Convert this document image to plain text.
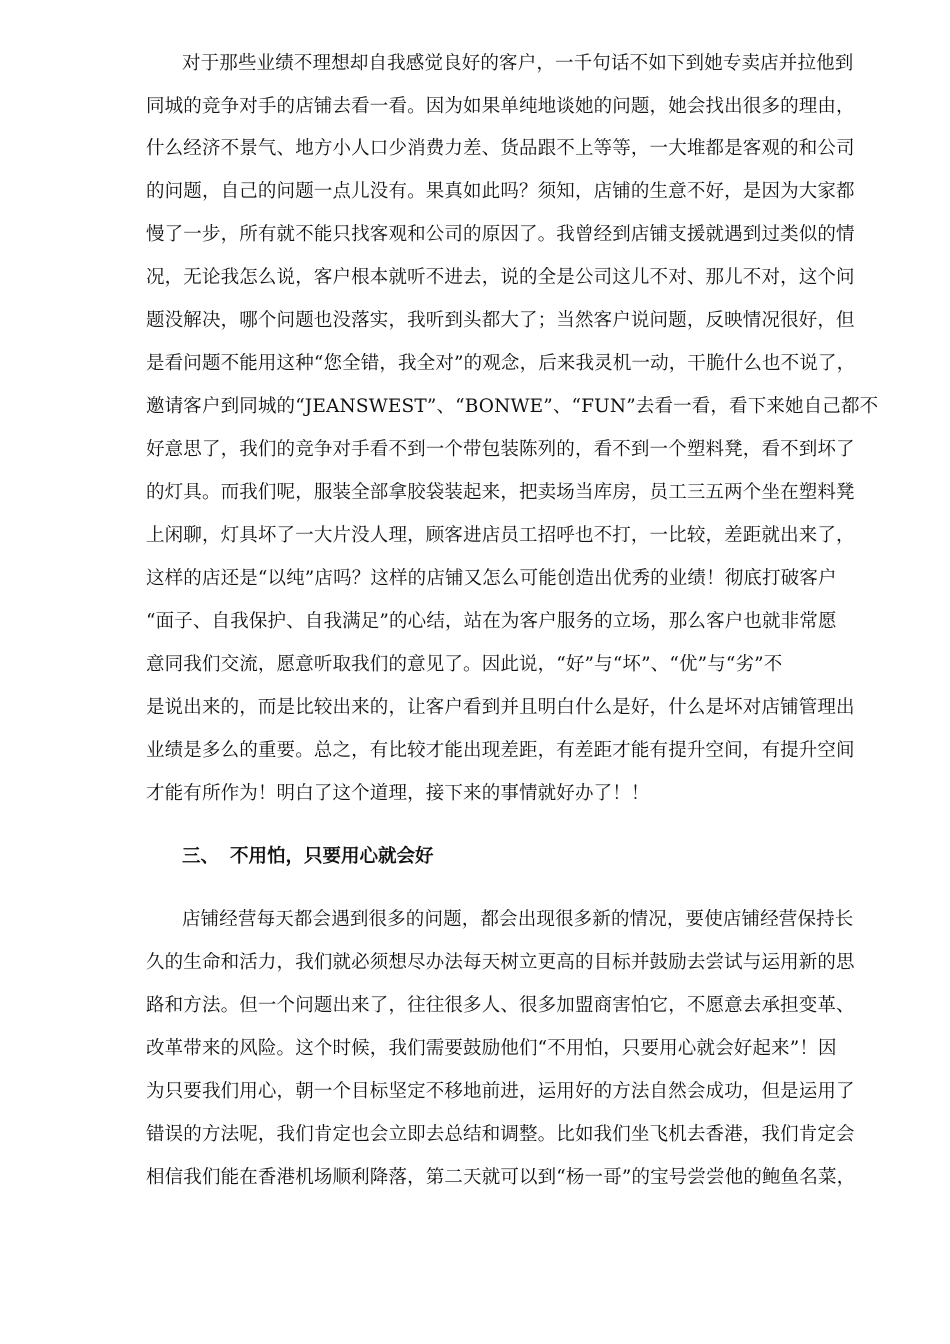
对于那些业绩不理想却自我感觉良好的客户，一千句话不如下到她专卖店并拉他到
同城的竞争对手的店铺去看一看。因为如果单纯地谈她的问题，她会找出很多的理由，
什么经济不景气、地方小人口少消费力差、货品跟不上等等，一大堆都是客观的和公司
的问题，自己的问题一点儿没有。果真如此吗？须知，店铺的生意不好，是因为大家都
慢了一步，所有就不能只找客观和公司的原因了。我曾经到店铺支援就遇到过类似的情
况，无论我怎么说，客户根本就听不进去，说的全是公司这儿不对、那儿不对，这个问
题没解决，哪个问题也没落实，我听到头都大了；当然客户说问题，反映情况很好，但
是看问题不能用这种“您全错，我全对”的观念，后来我灵机一动，干脆什么也不说了，
邀请客户到同城的“JEANSWEST”、“BONWE”、“FUN”去看一看，看下来她自己都不
好意思了，我们的竞争对手看不到一个带包装陈列的，看不到一个塑料凳，看不到坏了
的灯具。而我们呢，服装全部拿胶袋装起来，把卖场当库房，员工三五两个坐在塑料凳
上闲聊，灯具坏了一大片没人理，顾客进店员工招呼也不打，一比较，差距就出来了，
这样的店还是“以纯”店吗？这样的店铺又怎么可能创造出优秀的业绩！彻底打破客户
“面子、自我保护、自我满足”的心结，站在为客户服务的立场，那么客户也就非常愿
意同我们交流，愿意听取我们的意见了。因此说，“好”与“坏”、“优”与“劣”不
是说出来的，而是比较出来的，让客户看到并且明白什么是好，什么是坏对店铺管理出
业绩是多么的重要。总之，有比较才能出现差距，有差距才能有提升空间，有提升空间
才能有所作为！明白了这个道理，接下来的事情就好办了！！
三、 不用怕，只要用心就会好
店铺经营每天都会遇到很多的问题，都会出现很多新的情况，要使店铺经营保持长
久的生命和活力，我们就必须想尽办法每天树立更高的目标并鼓励去尝试与运用新的思
路和方法。但一个问题出来了，往往很多人、很多加盟商害怕它，不愿意去承担变革、
改革带来的风险。这个时候，我们需要鼓励他们“不用怕，只要用心就会好起来”！因
为只要我们用心，朝一个目标坚定不移地前进，运用好的方法自然会成功，但是运用了
错误的方法呢，我们肯定也会立即去总结和调整。比如我们坐飞机去香港，我们肯定会
相信我们能在香港机场顺利降落，第二天就可以到“杨一哥”的宝号尝尝他的鲍鱼名菜，
